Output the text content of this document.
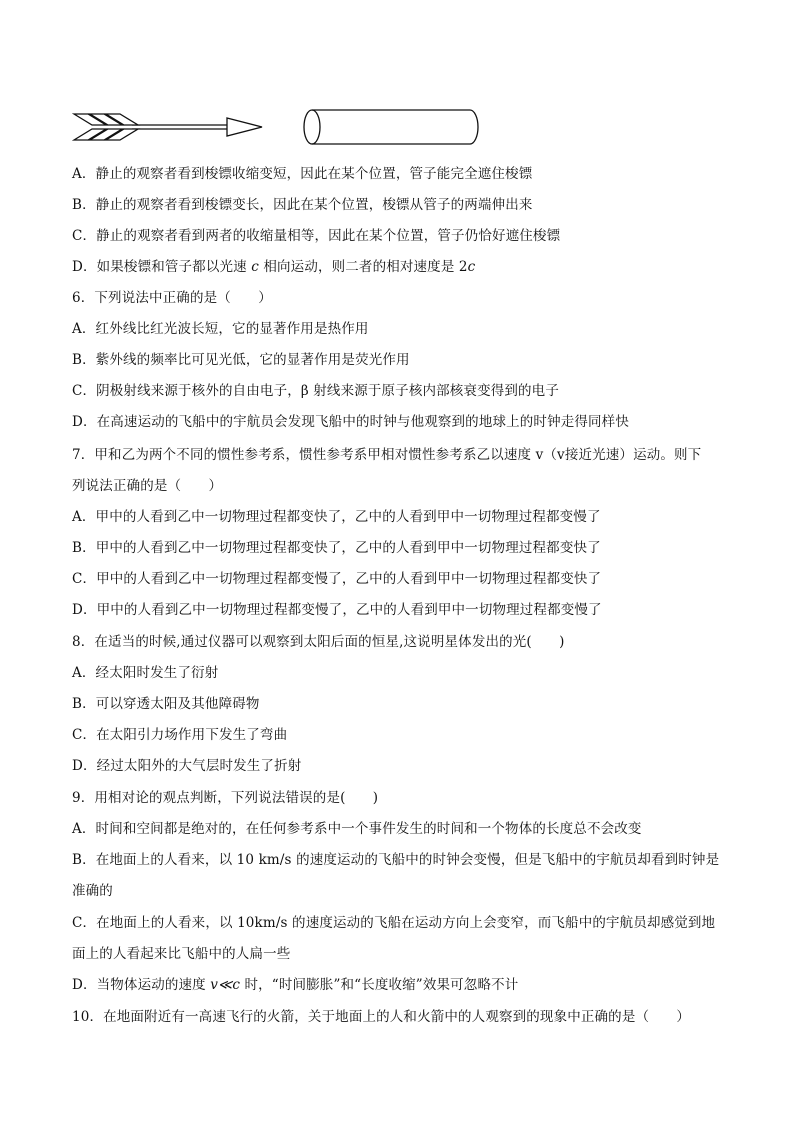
A．静止的观察者看到梭镖收缩变短，因此在某个位置，管子能完全遮住梭镖
B．静止的观察者看到梭镖变长，因此在某个位置，梭镖从管子的两端伸出来
C．静止的观察者看到两者的收缩量相等，因此在某个位置，管子仍恰好遮住梭镖
D．如果梭镖和管子都以光速 c 相向运动，则二者的相对速度是 2c
6．下列说法中正确的是（　　）
A．红外线比红光波长短，它的显著作用是热作用
B．紫外线的频率比可见光低，它的显著作用是荧光作用
C．阴极射线来源于核外的自由电子，β 射线来源于原子核内部核衰变得到的电子
D．在高速运动的飞船中的宇航员会发现飞船中的时钟与他观察到的地球上的时钟走得同样快
7．甲和乙为两个不同的惯性参考系，惯性参考系甲相对惯性参考系乙以速度 v（v接近光速）运动。则下
列说法正确的是（　　）
A．甲中的人看到乙中一切物理过程都变快了，乙中的人看到甲中一切物理过程都变慢了
B．甲中的人看到乙中一切物理过程都变快了，乙中的人看到甲中一切物理过程都变快了
C．甲中的人看到乙中一切物理过程都变慢了，乙中的人看到甲中一切物理过程都变快了
D．甲中的人看到乙中一切物理过程都变慢了，乙中的人看到甲中一切物理过程都变慢了
8．在适当的时候,通过仪器可以观察到太阳后面的恒星,这说明星体发出的光(　　)
A．经太阳时发生了衍射
B．可以穿透太阳及其他障碍物
C．在太阳引力场作用下发生了弯曲
D．经过太阳外的大气层时发生了折射
9．用相对论的观点判断，下列说法错误的是(　　)
A．时间和空间都是绝对的，在任何参考系中一个事件发生的时间和一个物体的长度总不会改变
B．在地面上的人看来，以 10 km/s 的速度运动的飞船中的时钟会变慢，但是飞船中的宇航员却看到时钟是
准确的
C．在地面上的人看来，以 10km/s 的速度运动的飞船在运动方向上会变窄，而飞船中的宇航员却感觉到地
面上的人看起来比飞船中的人扁一些
D．当物体运动的速度 v≪c 时，“时间膨胀”和“长度收缩”效果可忽略不计
10．在地面附近有一高速飞行的火箭，关于地面上的人和火箭中的人观察到的现象中正确的是（　　）
